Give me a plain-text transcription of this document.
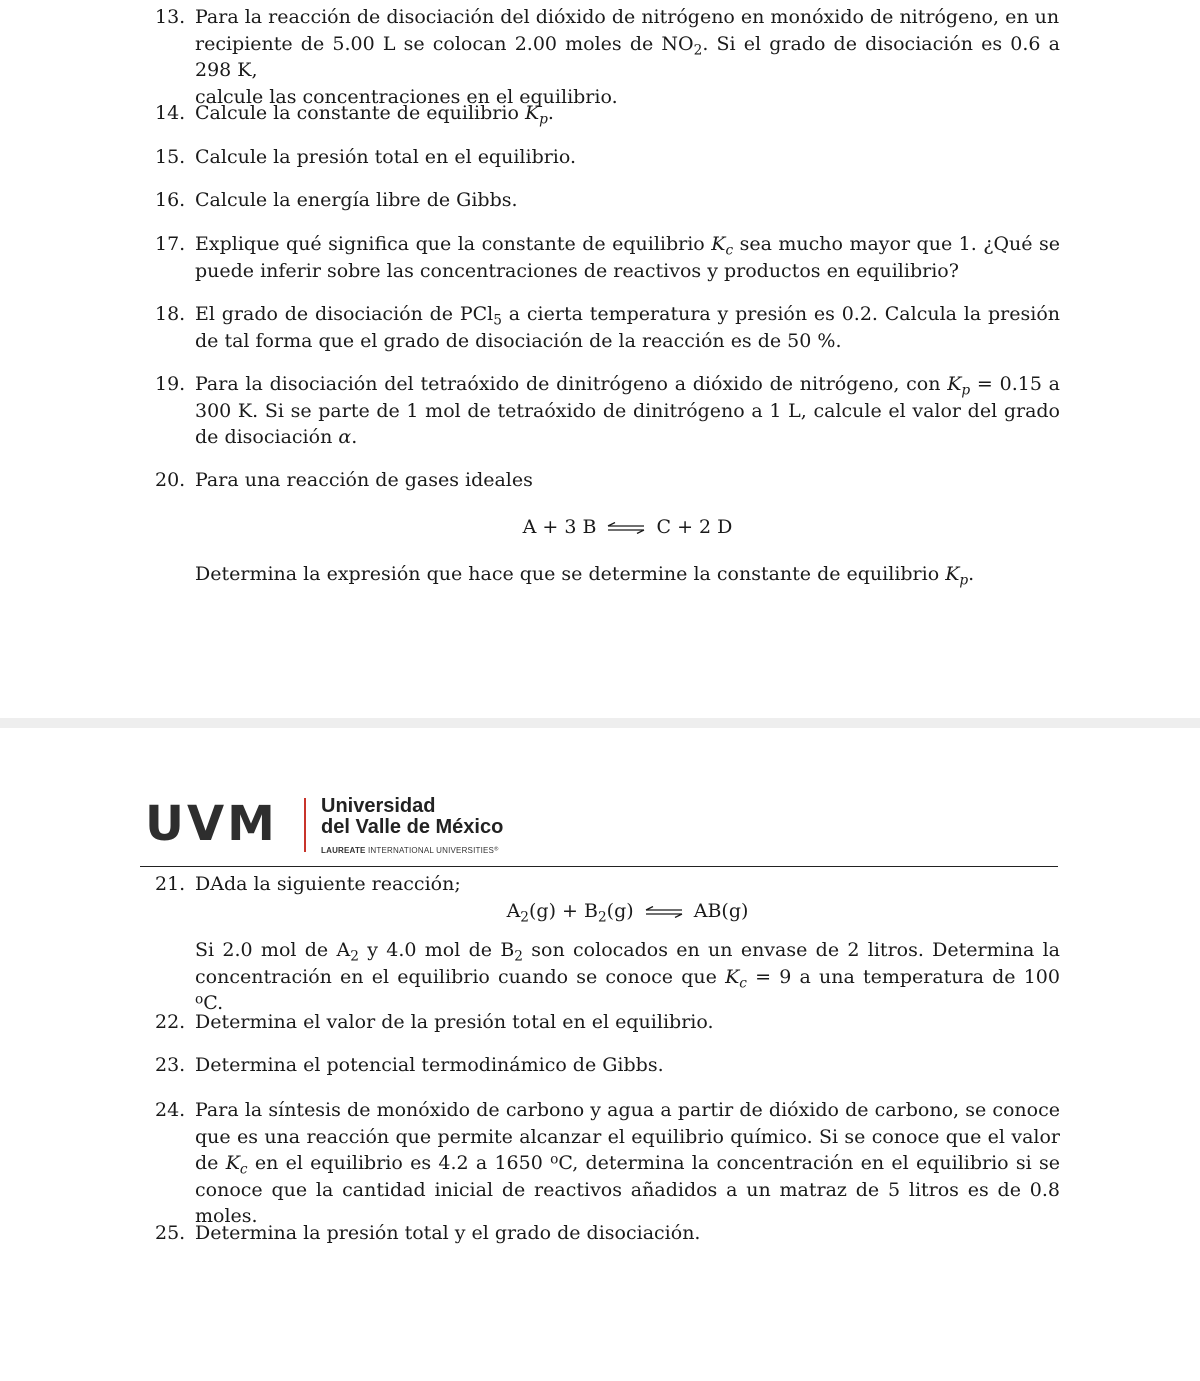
13. Para la reacción de disociación del dióxido de nitrógeno en monóxido de nitrógeno, en un
recipiente de 5.00 L se colocan 2.00 moles de $NO_2$. Si el grado de disociación es 0.6 a 298 K,
calcule las concentraciones en el equilibrio.

14. Calcule la constante de equilibrio $K_p$.

15. Calcule la presión total en el equilibrio.

16. Calcule la energía libre de Gibbs.

17. Explique qué significa que la constante de equilibrio $K_c$ sea mucho mayor que 1. ¿Qué se puede inferir sobre las concentraciones de reactivos y productos en equilibrio?

18. El grado de disociación de PCl$_5$ a cierta temperatura y presión es 0.2. Calcula la presión de tal forma que el grado de disociación de la reacción es de 50 %.

19. Para la disociación del tetraóxido de dinitrógeno a dióxido de nitrógeno, con $K_p = 0.15$ a 300 K. Si se parte de 1 mol de tetraóxido de dinitrógeno a 1 L, calcule el valor del grado de disociación α.

20. Para una reacción de gases ideales

A + 3 B ⇌ C + 2 D

Determina la expresión que hace que se determine la constante de equilibrio $K_p$.

UVM Universidad
del Valle de México
LAUREATE INTERNATIONAL UNIVERSITIES®
21. DAda la siguiente reacción;

$A_2(g) + B_2(g)$ ⇌ AB(g)

Si 2.0 mol de $A_2$ y 4.0 mol de $B_2$ son colocados en un envase de 2 litros. Determina la concentración en el equilibrio cuando se conoce que $K_c = 9$ a una temperatura de 100 $^o$C.

22. Determina el valor de la presión total en el equilibrio.

23. Determina el potencial termodinámico de Gibbs.

24. Para la síntesis de monóxido de carbono y agua a partir de dióxido de carbono, se conoce que es una reacción que permite alcanzar el equilibrio químico. Si se conoce que el valor de $K_c$ en el equilibrio es 4.2 a 1650 $^o$C, determina la concentración en el equilibrio si se conoce que la cantidad inicial de reactivos añadidos a un matraz de 5 litros es de 0.8 moles.

25. Determina la presión total y el grado de disociación.
